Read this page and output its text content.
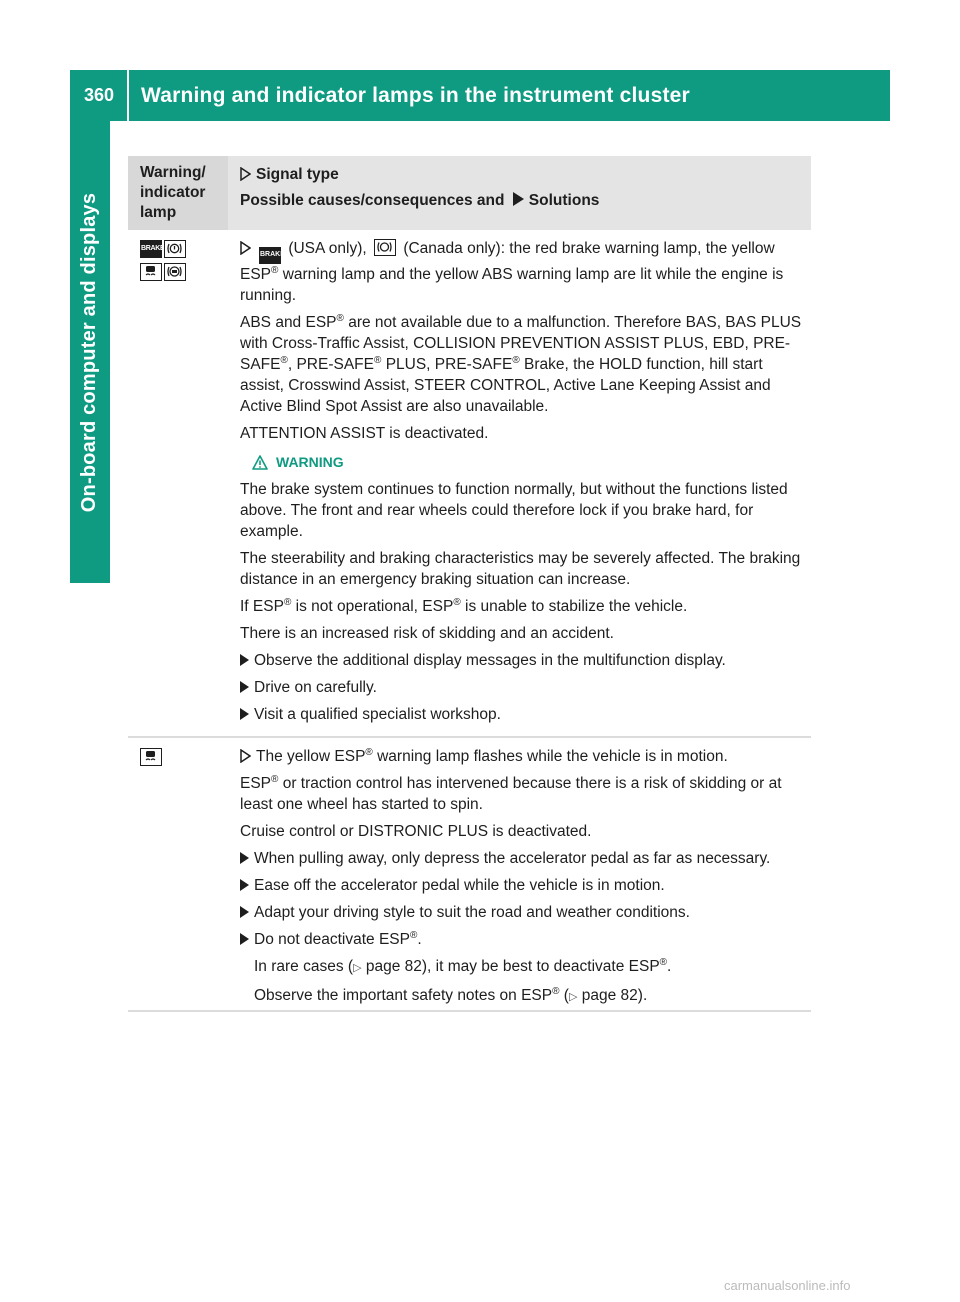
360	Warning and indicator lamps in the instrument cluster
On-board computer and displays
Warning/
indicator
lamp
Signal type
Possible causes/consequences and Solutions
BRAKE

BRAKE (USA only), (Canada only): the red brake warning lamp, the yellow ESP® warning lamp and the yellow ABS warning lamp are lit while the engine is running.

ABS and ESP® are not available due to a malfunction. Therefore BAS, BAS PLUS with Cross-Traffic Assist, COLLISION PREVENTION ASSIST PLUS, EBD, PRE-SAFE®, PRE-SAFE® PLUS, PRE-SAFE® Brake, the HOLD function, hill start assist, Crosswind Assist, STEER CONTROL, Active Lane Keeping Assist and Active Blind Spot Assist are also unavailable.

ATTENTION ASSIST is deactivated.

WARNING

The brake system continues to function normally, but without the functions listed above. The front and rear wheels could therefore lock if you brake hard, for example.

The steerability and braking characteristics may be severely affected. The braking distance in an emergency braking situation can increase.

If ESP® is not operational, ESP® is unable to stabilize the vehicle.

There is an increased risk of skidding and an accident.

Observe the additional display messages in the multifunction display.
Drive on carefully.
Visit a qualified specialist workshop.

The yellow ESP® warning lamp flashes while the vehicle is in motion.

ESP® or traction control has intervened because there is a risk of skidding or at least one wheel has started to spin.

Cruise control or DISTRONIC PLUS is deactivated.

When pulling away, only depress the accelerator pedal as far as necessary.
Ease off the accelerator pedal while the vehicle is in motion.
Adapt your driving style to suit the road and weather conditions.
Do not deactivate ESP®.

In rare cases (▷ page 82), it may be best to deactivate ESP®.

Observe the important safety notes on ESP® (▷ page 82).

carmanualsonline.info
